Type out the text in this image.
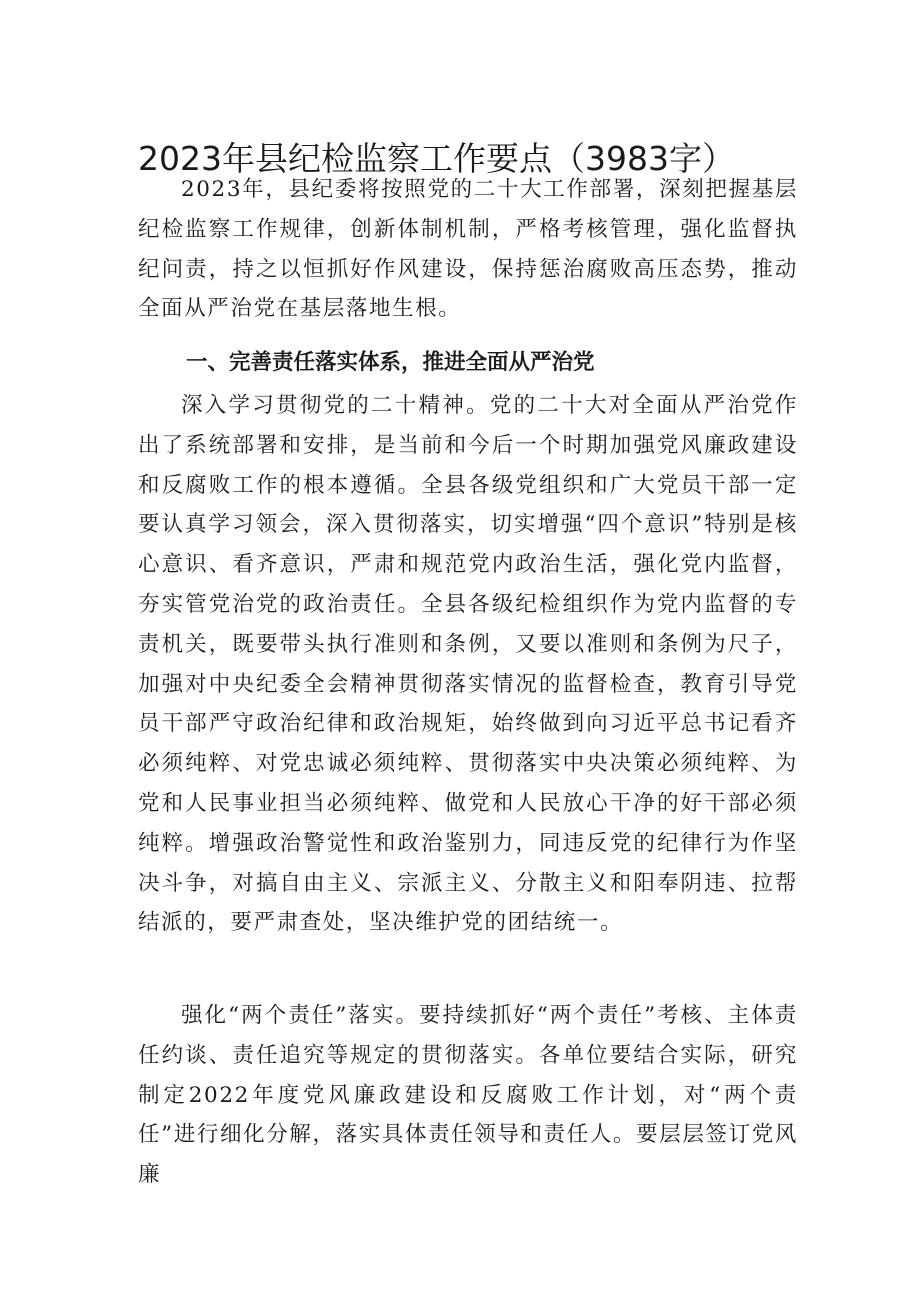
2023年县纪检监察工作要点（3983字）

2023年，县纪委将按照党的二十大工作部署，深刻把握基层纪检监察工作规律，创新体制机制，严格考核管理，强化监督执纪问责，持之以恒抓好作风建设，保持惩治腐败高压态势，推动全面从严治党在基层落地生根。

一、完善责任落实体系，推进全面从严治党

深入学习贯彻党的二十精神。党的二十大对全面从严治党作出了系统部署和安排，是当前和今后一个时期加强党风廉政建设和反腐败工作的根本遵循。全县各级党组织和广大党员干部一定要认真学习领会，深入贯彻落实，切实增强“四个意识”特别是核心意识、看齐意识，严肃和规范党内政治生活，强化党内监督，夯实管党治党的政治责任。全县各级纪检组织作为党内监督的专责机关，既要带头执行准则和条例，又要以准则和条例为尺子，加强对中央纪委全会精神贯彻落实情况的监督检查，教育引导党员干部严守政治纪律和政治规矩，始终做到向习近平总书记看齐必须纯粹、对党忠诚必须纯粹、贯彻落实中央决策必须纯粹、为党和人民事业担当必须纯粹、做党和人民放心干净的好干部必须纯粹。增强政治警觉性和政治鉴别力，同违反党的纪律行为作坚决斗争，对搞自由主义、宗派主义、分散主义和阳奉阴违、拉帮结派的，要严肃查处，坚决维护党的团结统一。

强化“两个责任”落实。要持续抓好“两个责任”考核、主体责任约谈、责任追究等规定的贯彻落实。各单位要结合实际，研究制定2022年度党风廉政建设和反腐败工作计划，对“两个责任”进行细化分解，落实具体责任领导和责任人。要层层签订党风廉
